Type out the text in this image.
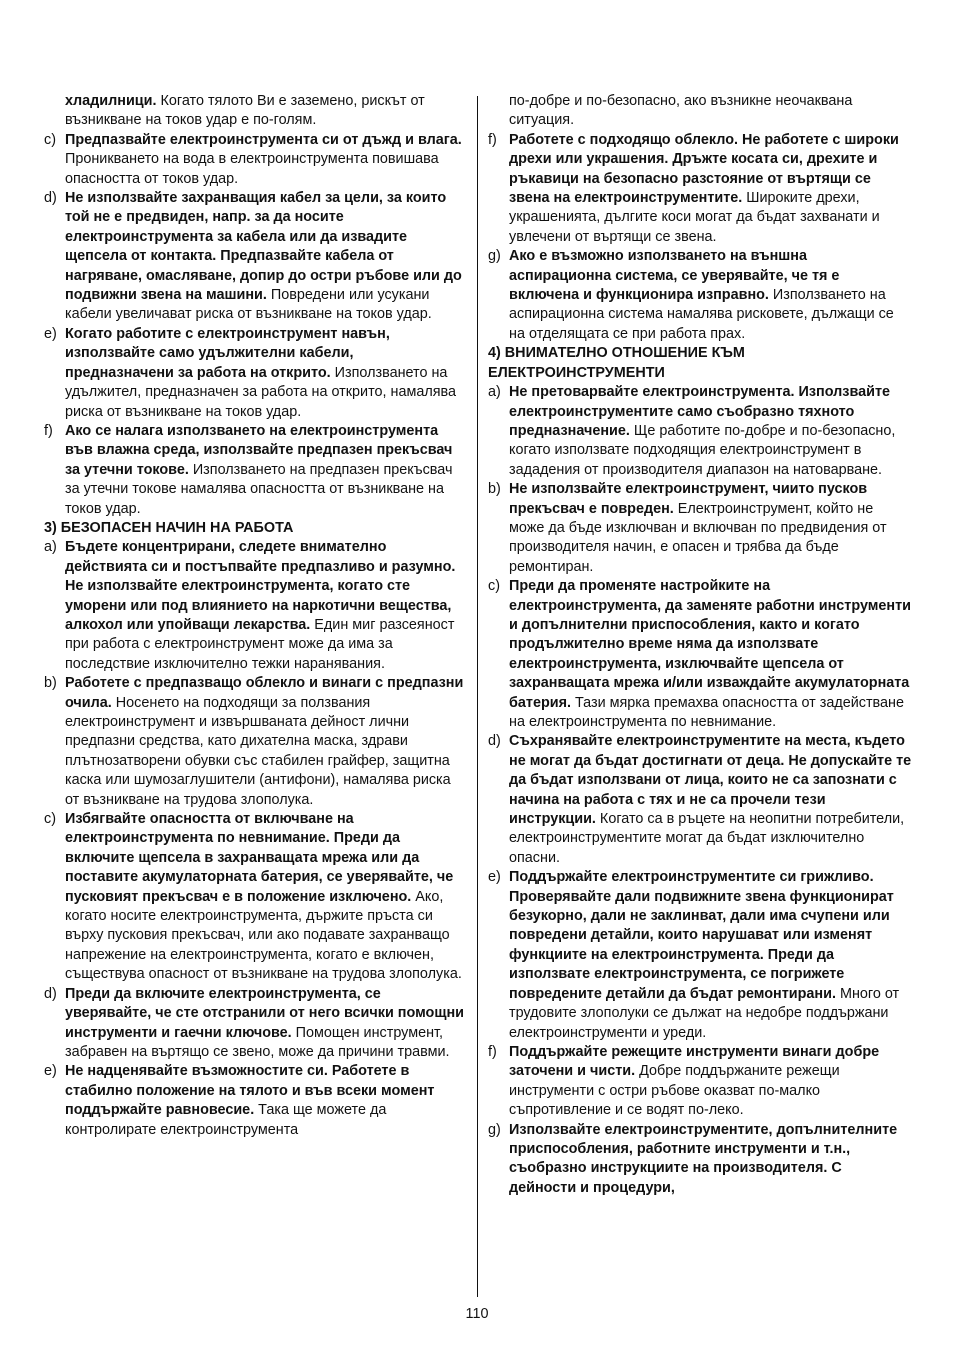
хладилници. Когато тялото Ви е заземено, рискът от възникване на токов удар е по-голям.
c) Предпазвайте електроинструмента си от дъжд и влага. Проникването на вода в електроинструмента повишава опасността от токов удар.
d) Не използвайте захранващия кабел за цели, за които той не е предвиден, напр. за да носите електроинструмента за кабела или да извадите щепсела от контакта. Предпазвайте кабела от нагряване, омасляване, допир до остри ръбове или до подвижни звена на машини. Повредени или усукани кабели увеличават риска от възникване на токов удар.
e) Когато работите с електроинструмент навън, използвайте само удължителни кабели, предназначени за работа на открито. Използването на удължител, предназначен за работа на открито, намалява риска от възникване на токов удар.
f) Ако се налага използването на електроинструмента във влажна среда, използвайте предпазен прекъсвач за утечни токове. Използването на предпазен прекъсвач за утечни токове намалява опасността от възникване на токов удар.
3) БЕЗОПАСЕН НАЧИН НА РАБОТА
a) Бъдете концентрирани, следете внимателно действията си и постъпвайте предпазливо и разумно. Не използвайте електроинструмента, когато сте уморени или под влиянието на наркотични вещества, алкохол или упойващи лекарства. Един миг разсеяност при работа с електроинструмент може да има за последствие изключително тежки наранявания.
b) Работете с предпазващо облекло и винаги с предпазни очила. Носенето на подходящи за ползвания електроинструмент и извършваната дейност лични предпазни средства, като дихателна маска, здрави плътнозатворени обувки със стабилен грайфер, защитна каска или шумозаглушители (антифони), намалява риска от възникване на трудова злополука.
c) Избягвайте опасността от включване на електроинструмента по невнимание. Преди да включите щепсела в захранващата мрежа или да поставите акумулаторната батерия, се уверявайте, че пусковият прекъсвач е в положение изключено. Ако, когато носите електроинструмента, държите пръста си върху пусковия прекъсвач, или ако подавате захранващо напрежение на електроинструмента, когато е включен, съществува опасност от възникване на трудова злополука.
d) Преди да включите електроинструмента, се уверявайте, че сте отстранили от него всички помощни инструменти и гаечни ключове. Помощен инструмент, забравен на въртящо се звено, може да причини травми.
e) Не надценявайте възможностите си. Работете в стабилно положение на тялото и във всеки момент поддържайте равновесие. Така ще можете да контролирате електроинструмента
по-добре и по-безопасно, ако възникне неочаквана ситуация.
f) Работете с подходящо облекло. Не работете с широки дрехи или украшения. Дръжте косата си, дрехите и ръкавици на безопасно разстояние от въртящи се звена на електроинструментите. Широките дрехи, украшенията, дългите коси могат да бъдат захванати и увлечени от въртящи се звена.
g) Ако е възможно използването на външна аспирационна система, се уверявайте, че тя е включена и функционира изправно. Използването на аспирационна система намалява рисковете, дължащи се на отделящата се при работа прах.
4) ВНИМАТЕЛНО ОТНОШЕНИЕ КЪМ ЕЛЕКТРОИНСТРУМЕНТИ
a) Не претоварвайте електроинструмента. Използвайте електроинструментите само съобразно тяхното предназначение. Ще работите по-добре и по-безопасно, когато използвате подходящия електроинструмент в зададения от производителя диапазон на натоварване.
b) Не използвайте електроинструмент, чиито пусков прекъсвач е повреден. Електроинструмент, който не може да бъде изключван и включван по предвидения от производителя начин, е опасен и трябва да бъде ремонтиран.
c) Преди да променяте настройките на електроинструмента, да заменяте работни инструменти и допълнителни приспособления, както и когато продължително време няма да използвате електроинструмента, изключвайте щепсела от захранващата мрежа и/или изваждайте акумулаторната батерия. Тази мярка премахва опасността от задействане на електроинструмента по невнимание.
d) Съхранявайте електроинструментите на места, където не могат да бъдат достигнати от деца. Не допускайте те да бъдат използвани от лица, които не са запознати с начина на работа с тях и не са прочели тези инструкции. Когато са в ръцете на неопитни потребители, електроинструментите могат да бъдат изключително опасни.
e) Поддържайте електроинструментите си грижливо. Проверявайте дали подвижните звена функционират безукорно, дали не заклинват, дали има счупени или повредени детайли, които нарушават или изменят функциите на електроинструмента. Преди да използвате електроинструмента, се погрижете повредените детайли да бъдат ремонтирани. Много от трудовите злополуки се дължат на недобре поддържани електроинструменти и уреди.
f) Поддържайте режещите инструменти винаги добре заточени и чисти. Добре поддържаните режещи инструменти с остри ръбове оказват по-малко съпротивление и се водят по-леко.
g) Използвайте електроинструментите, допълнителните приспособления, работните инструменти и т.н., съобразно инструкциите на производителя. С дейности и процедури,
110
